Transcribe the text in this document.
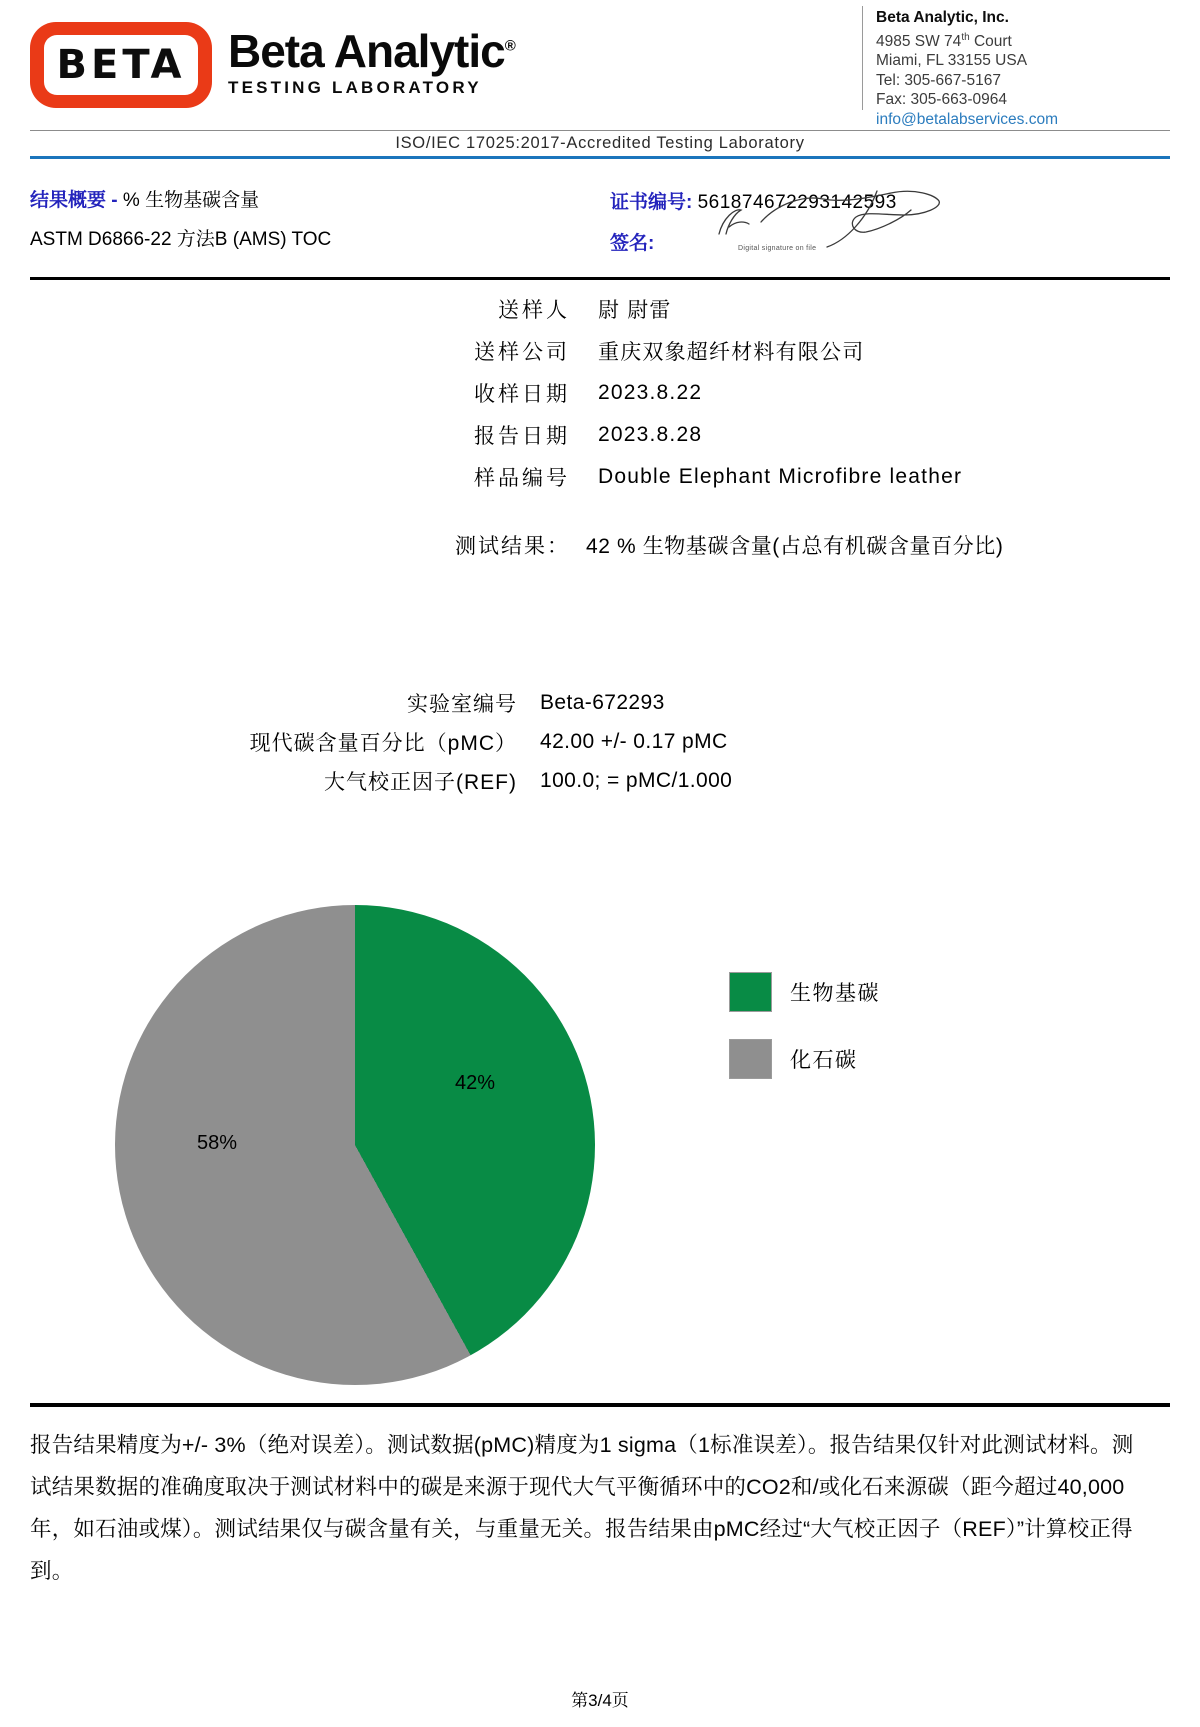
BETA Beta Analytic®
TESTING LABORATORY
Beta Analytic, Inc.
4985 SW 74th Court
Miami, FL 33155 USA
Tel: 305-667-5167
Fax: 305-663-0964
info@betalabservices.com
ISO/IEC 17025:2017-Accredited Testing Laboratory
结果概要 - % 生物基碳含量
ASTM D6866-22 方法B (AMS) TOC
证书编号: 561874672293142593
签名:	Digital signature on file
送样人	尉 尉雷
送样公司	重庆双象超纤材料有限公司
收样日期	2023.8.22
报告日期	2023.8.28
样品编号	Double Elephant Microfibre leather
测试结果： 42 % 生物基碳含量(占总有机碳含量百分比)
实验室编号	Beta-672293
现代碳含量百分比（pMC）	42.00 +/- 0.17 pMC
大气校正因子(REF)	100.0; = pMC/1.000
42%
58%
生物基碳
化石碳
报告结果精度为+/- 3%（绝对误差）。测试数据(pMC)精度为1 sigma（1标准误差）。报告结果仅针对此测试材料。测试结果数据的准确度取决于测试材料中的碳是来源于现代大气平衡循环中的CO2和/或化石来源碳（距今超过40,000年，如石油或煤）。测试结果仅与碳含量有关，与重量无关。报告结果由pMC经过“大气校正因子（REF）”计算校正得到。
第3/4页
